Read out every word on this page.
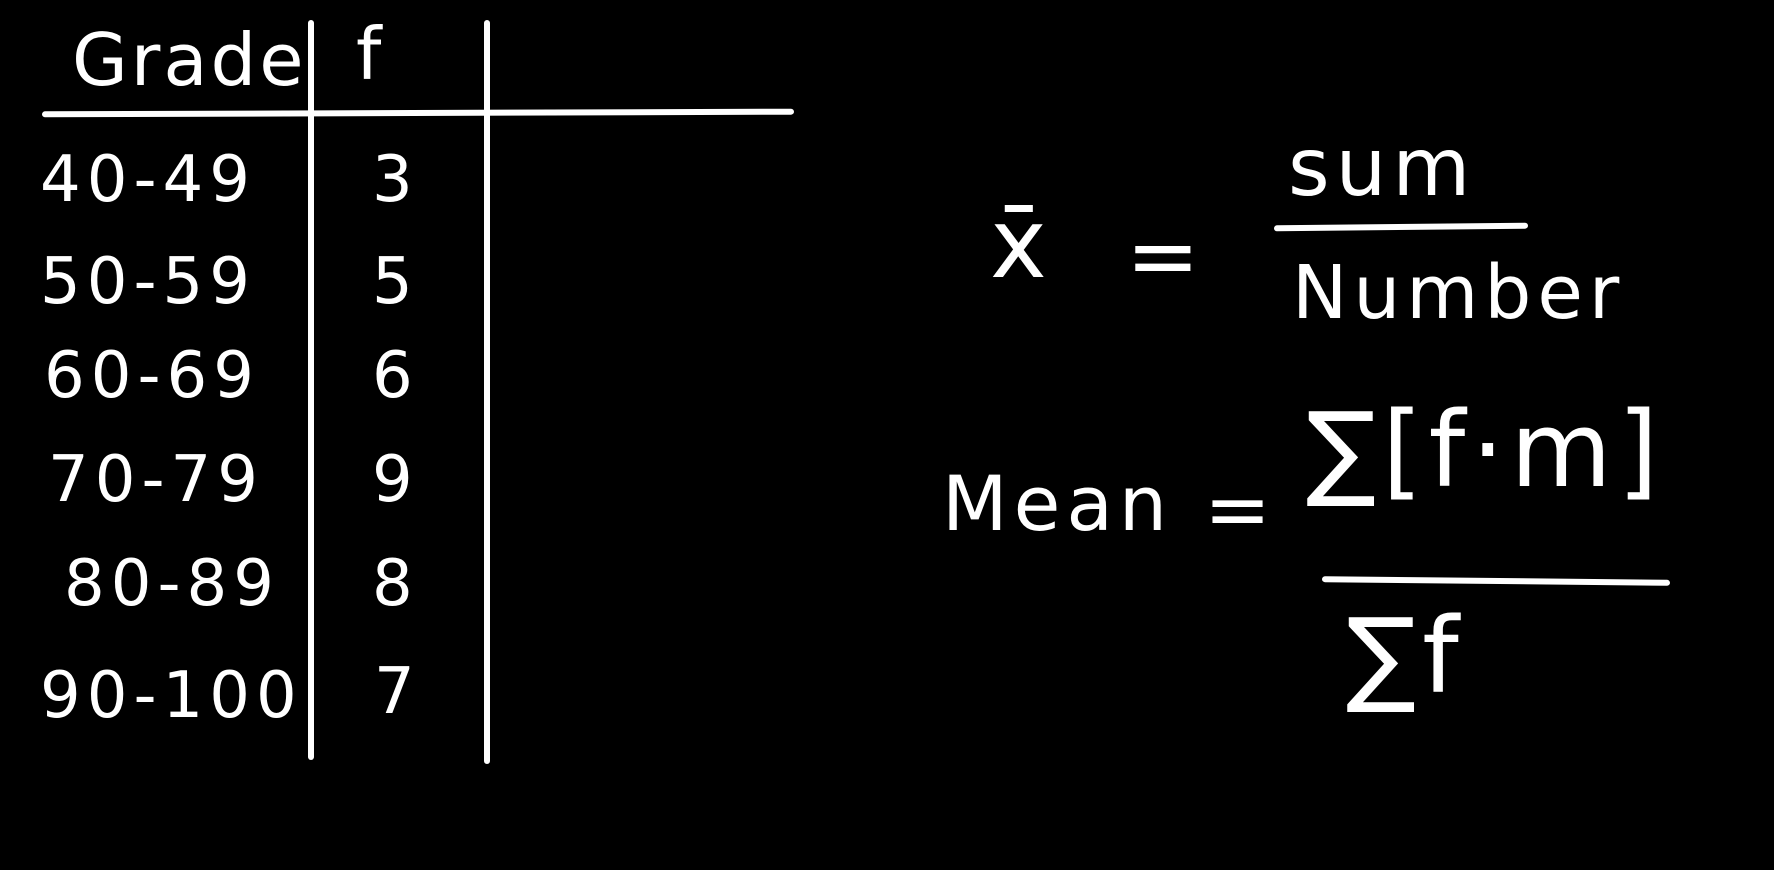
Grade f
40-49
50-59
60-69
70-79
80-89
90-100
3
5
6
9
8
7
x̄ =
sum
Number
Mean = ∑[f·m]
∑f
